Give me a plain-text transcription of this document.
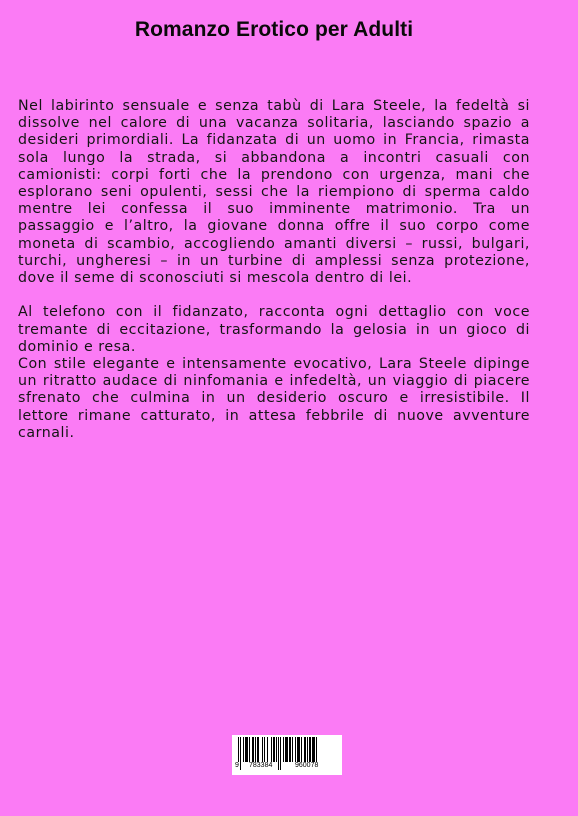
Romanzo Erotico per Adulti

Nel labirinto sensuale e senza tabù di Lara Steele, la fedeltà si dissolve nel calore di una vacanza solitaria, lasciando spazio a desideri primordiali. La fidanzata di un uomo in Francia, rimasta sola lungo la strada, si abbandona a incontri casuali con camionisti: corpi forti che la prendono con urgenza, mani che esplorano seni opulenti, sessi che la riempiono di sperma caldo mentre lei confessa il suo imminente matrimonio. Tra un passaggio e l’altro, la giovane donna offre il suo corpo come moneta di scambio, accogliendo amanti diversi – russi, bulgari, turchi, ungheresi – in un turbine di amplessi senza protezione, dove il seme di sconosciuti si mescola dentro di lei.

Al telefono con il fidanzato, racconta ogni dettaglio con voce tremante di eccitazione, trasformando la gelosia in un gioco di dominio e resa.

Con stile elegante e intensamente evocativo, Lara Steele dipinge un ritratto audace di ninfomania e infedeltà, un viaggio di piacere sfrenato che culmina in un desiderio oscuro e irresistibile. Il lettore rimane catturato, in attesa febbrile di nuove avventure carnali.

9 783384	960078
